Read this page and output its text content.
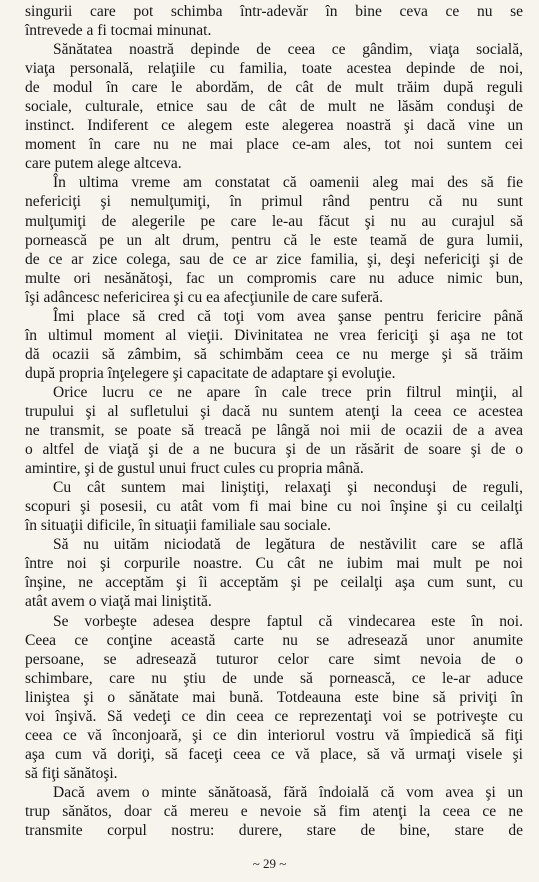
singurii care pot schimba într-adevăr în bine ceva ce nu se
întrevede a fi tocmai minunat.
Sănătatea noastră depinde de ceea ce gândim, viaţa socială,
viaţa personală, relaţiile cu familia, toate acestea depinde de noi,
de modul în care le abordăm, de cât de mult trăim după reguli
sociale, culturale, etnice sau de cât de mult ne lăsăm conduşi de
instinct. Indiferent ce alegem este alegerea noastră şi dacă vine un
moment în care nu ne mai place ce-am ales, tot noi suntem cei
care putem alege altceva.
În ultima vreme am constatat că oamenii aleg mai des să fie
nefericiţi şi nemulţumiţi, în primul rând pentru că nu sunt
mulţumiţi de alegerile pe care le-au făcut şi nu au curajul să
pornească pe un alt drum, pentru că le este teamă de gura lumii,
de ce ar zice colega, sau de ce ar zice familia, şi, deşi nefericiţi şi de
multe ori nesănătoşi, fac un compromis care nu aduce nimic bun,
îşi adâncesc nefericirea şi cu ea afecţiunile de care suferă.
Îmi place să cred că toţi vom avea şanse pentru fericire până
în ultimul moment al vieţii. Divinitatea ne vrea fericiţi şi aşa ne tot
dă ocazii să zâmbim, să schimbăm ceea ce nu merge şi să trăim
după propria înţelegere şi capacitate de adaptare şi evoluţie.
Orice lucru ce ne apare în cale trece prin filtrul minţii, al
trupului şi al sufletului şi dacă nu suntem atenţi la ceea ce acestea
ne transmit, se poate să treacă pe lângă noi mii de ocazii de a avea
o altfel de viaţă şi de a ne bucura şi de un răsărit de soare şi de o
amintire, şi de gustul unui fruct cules cu propria mână.
Cu cât suntem mai liniştiţi, relaxaţi şi neconduşi de reguli,
scopuri şi posesii, cu atât vom fi mai bine cu noi înşine şi cu ceilalţi
în situaţii dificile, în situaţii familiale sau sociale.
Să nu uităm niciodată de legătura de nestăvilit care se află
între noi şi corpurile noastre. Cu cât ne iubim mai mult pe noi
înşine, ne acceptăm şi îi acceptăm şi pe ceilalţi aşa cum sunt, cu
atât avem o viaţă mai liniştită.
Se vorbeşte adesea despre faptul că vindecarea este în noi.
Ceea ce conţine această carte nu se adresează unor anumite
persoane, se adresează tuturor celor care simt nevoia de o
schimbare, care nu ştiu de unde să pornească, ce le-ar aduce
liniştea şi o sănătate mai bună. Totdeauna este bine să priviţi în
voi înşivă. Să vedeţi ce din ceea ce reprezentaţi voi se potriveşte cu
ceea ce vă înconjoară, şi ce din interiorul vostru vă împiedică să fiţi
aşa cum vă doriţi, să faceţi ceea ce vă place, să vă urmaţi visele şi
să fiţi sănătoşi.
Dacă avem o minte sănătoasă, fără îndoială că vom avea şi un
trup sănătos, doar că mereu e nevoie să fim atenţi la ceea ce ne
transmite corpul nostru: durere, stare de bine, stare de
~ 29 ~
